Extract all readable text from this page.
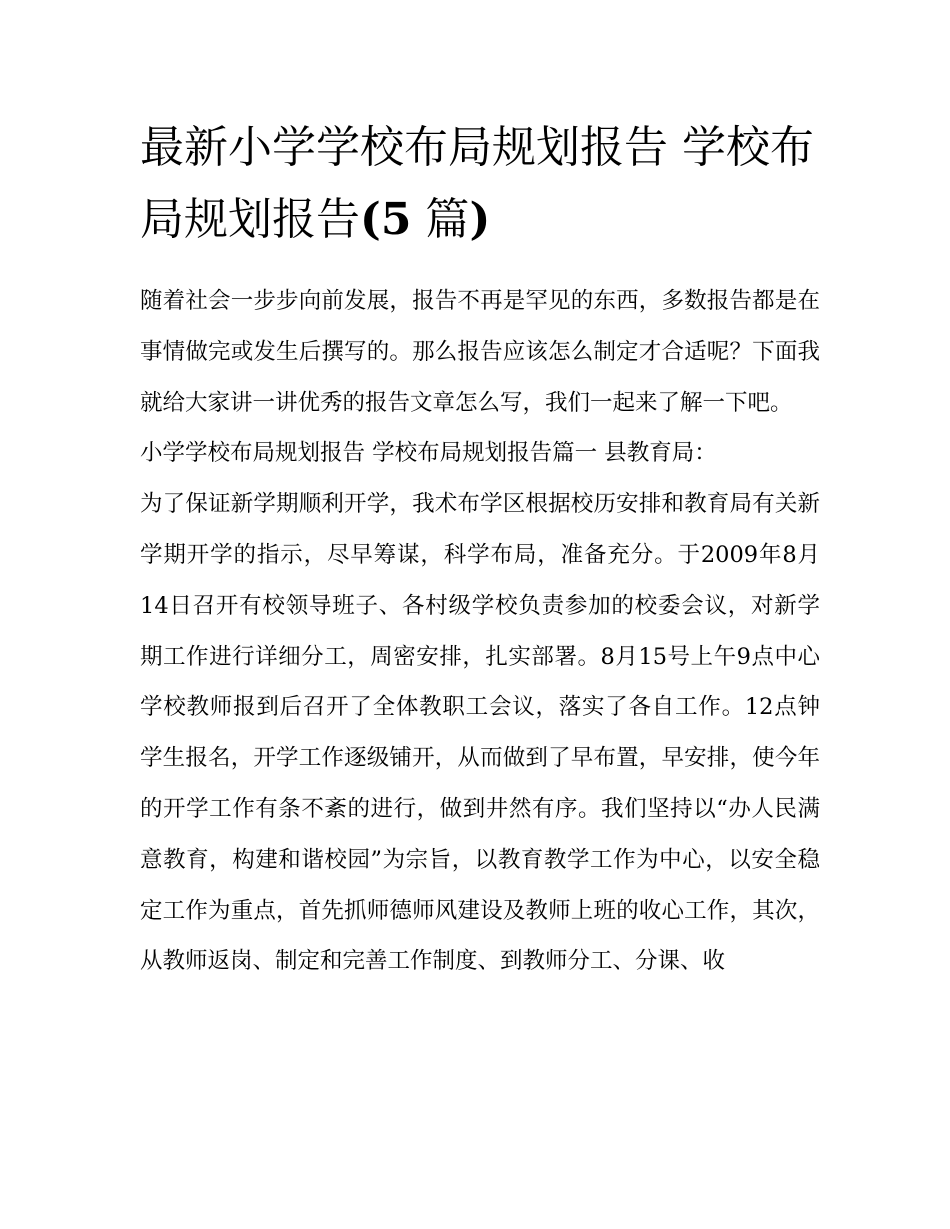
最新小学学校布局规划报告 学校布局规划报告(5 篇)

随着社会一步步向前发展，报告不再是罕见的东西，多数报告都是在事情做完或发生后撰写的。那么报告应该怎么制定才合适呢？下面我就给大家讲一讲优秀的报告文章怎么写，我们一起来了解一下吧。

小学学校布局规划报告 学校布局规划报告篇一 县教育局：

为了保证新学期顺利开学，我术布学区根据校历安排和教育局有关新学期开学的指示，尽早筹谋，科学布局，准备充分。于2009年8月14日召开有校领导班子、各村级学校负责参加的校委会议，对新学期工作进行详细分工，周密安排，扎实部署。8月15号上午9点中心学校教师报到后召开了全体教职工会议，落实了各自工作。12点钟学生报名，开学工作逐级铺开，从而做到了早布置，早安排，使今年的开学工作有条不紊的进行，做到井然有序。我们坚持以“办人民满意教育，构建和谐校园”为宗旨，以教育教学工作为中心，以安全稳定工作为重点，首先抓师德师风建设及教师上班的收心工作，其次，从教师返岗、制定和完善工作制度、到教师分工、分课、收
